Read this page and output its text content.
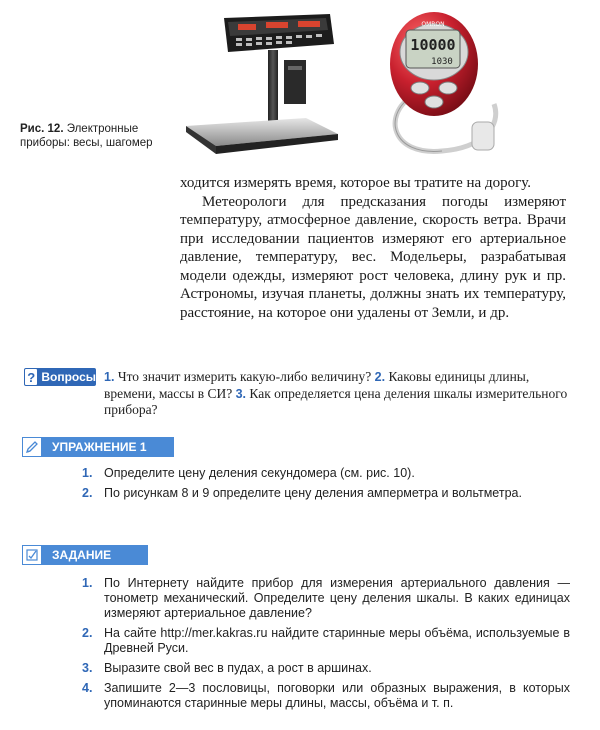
Рис. 12. Электронные приборы: весы, шагомер
OMRON
10000
1030

ходится измерять время, которое вы тратите на дорогу.

Метеорологи для предсказания погоды измеряют температуру, атмосферное давление, скорость ветра. Врачи при исследовании пациентов измеряют его артериальное давление, температуру, вес. Модельеры, разрабатывая модели одежды, измеряют рост человека, длину рук и пр. Астрономы, изучая планеты, должны знать их температуру, расстояние, на которое они удалены от Земли, и др.

? Вопросы 1. Что значит измерить какую-либо величину? 2. Каковы единицы длины, времени, массы в СИ? 3. Как определяется цена деления шкалы измерительного прибора?
УПРАЖНЕНИЕ 1
1. Определите цену деления секундомера (см. рис. 10).
2. По рисункам 8 и 9 определите цену деления амперметра и вольтметра.
ЗАДАНИЕ
1. По Интернету найдите прибор для измерения артериального давления — тонометр механический. Определите цену деления шкалы. В каких единицах измеряют артериальное давление?
2. На сайте http://mer.kakras.ru найдите старинные меры объёма, используемые в Древней Руси.
3. Выразите свой вес в пудах, а рост в аршинах.
4. Запишите 2—3 пословицы, поговорки или образных выражения, в которых упоминаются старинные меры длины, массы, объёма и т. п.
